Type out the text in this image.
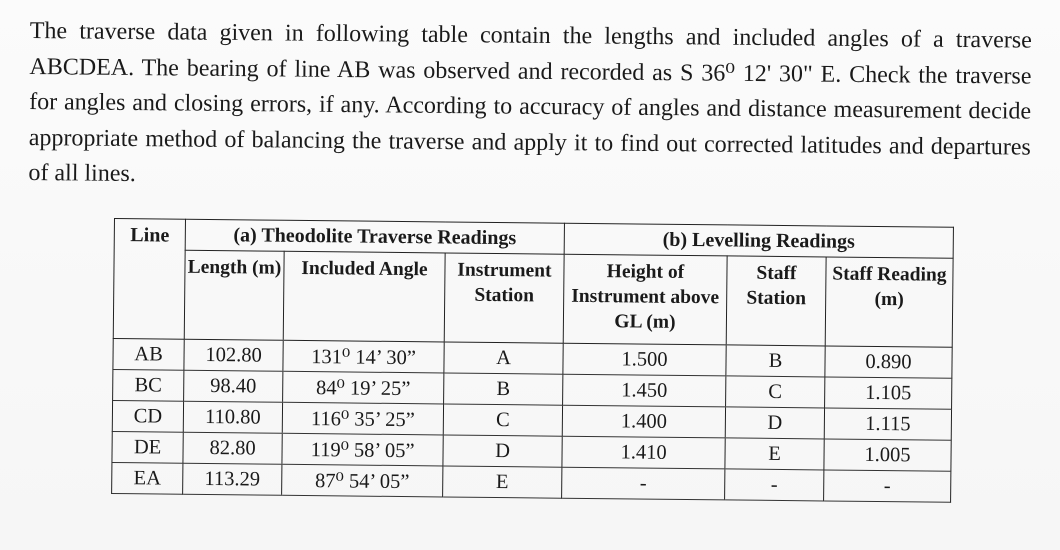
The traverse data given in following table contain the lengths and included angles of a traverse ABCDEA. The bearing of line AB was observed and recorded as S 36⁰ 12' 30" E. Check the traverse for angles and closing errors, if any. According to accuracy of angles and distance measurement decide appropriate method of balancing the traverse and apply it to find out corrected latitudes and departures of all lines.
Line	(a) Theodolite Traverse Readings			(b) Levelling Readings		
	Length (m)	Included Angle	Instrument Station	Height of Instrument above GL (m)	Staff Station	Staff Reading (m)
AB	102.80	131⁰ 14’ 30”	A	1.500	B	0.890
BC	98.40	84⁰ 19’ 25”	B	1.450	C	1.105
CD	110.80	116⁰ 35’ 25”	C	1.400	D	1.115
DE	82.80	119⁰ 58’ 05”	D	1.410	E	1.005
EA	113.29	87⁰ 54’ 05”	E	-	-	-
